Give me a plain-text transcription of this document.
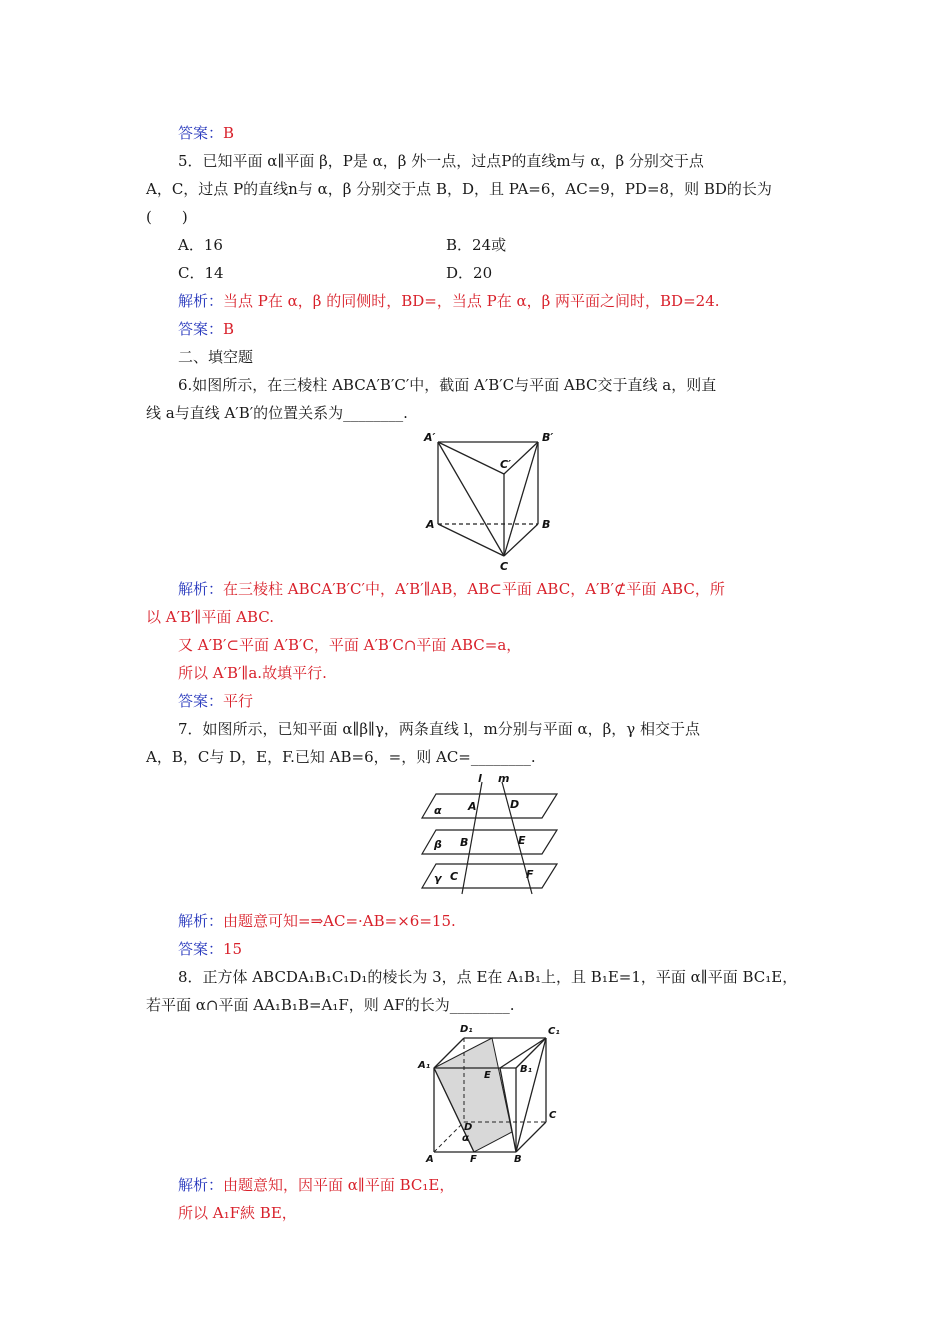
答案：B
5．已知平面 α∥平面 β，P是 α，β 外一点，过点P的直线m与 α，β 分别交于点
A，C，过点 P的直线n与 α，β 分别交于点 B，D，且 PA=6，AC=9，PD=8，则 BD的长为
(　　)
A．16	B．24或
C．14	D．20
解析：当点 P在 α，β 的同侧时，BD=，当点 P在 α，β 两平面之间时，BD=24.
答案：B
二、填空题
6.如图所示，在三棱柱 ABCA′B′C′中，截面 A′B′C与平面 ABC交于直线 a，则直
线 a与直线 A′B′的位置关系为________.
A′	B′
C′
A	B
C
解析：在三棱柱 ABCA′B′C′中，A′B′∥AB，AB⊂平面 ABC，A′B′⊄平面 ABC，所
以 A′B′∥平面 ABC.
又 A′B′⊂平面 A′B′C，平面 A′B′C∩平面 ABC=a，
所以 A′B′∥a.故填平行.
答案：平行
7．如图所示，已知平面 α∥β∥γ，两条直线 l，m分别与平面 α，β，γ 相交于点
A，B，C与 D，E，F.已知 AB=6，=，则 AC=________.
l m
α A	D
β B	E
γ C	F
解析：由题意可知=⇒AC=·AB=×6=15.
答案：15
8．正方体 ABCDA₁B₁C₁D₁的棱长为 3，点 E在 A₁B₁上，且 B₁E=1，平面 α∥平面 BC₁E，
若平面 α∩平面 AA₁B₁B=A₁F，则 AF的长为________.
D₁	C₁
A₁	B₁
E
C
D
α
A	F	B
解析：由题意知，因平面 α∥平面 BC₁E，
所以 A₁F綊 BE，
